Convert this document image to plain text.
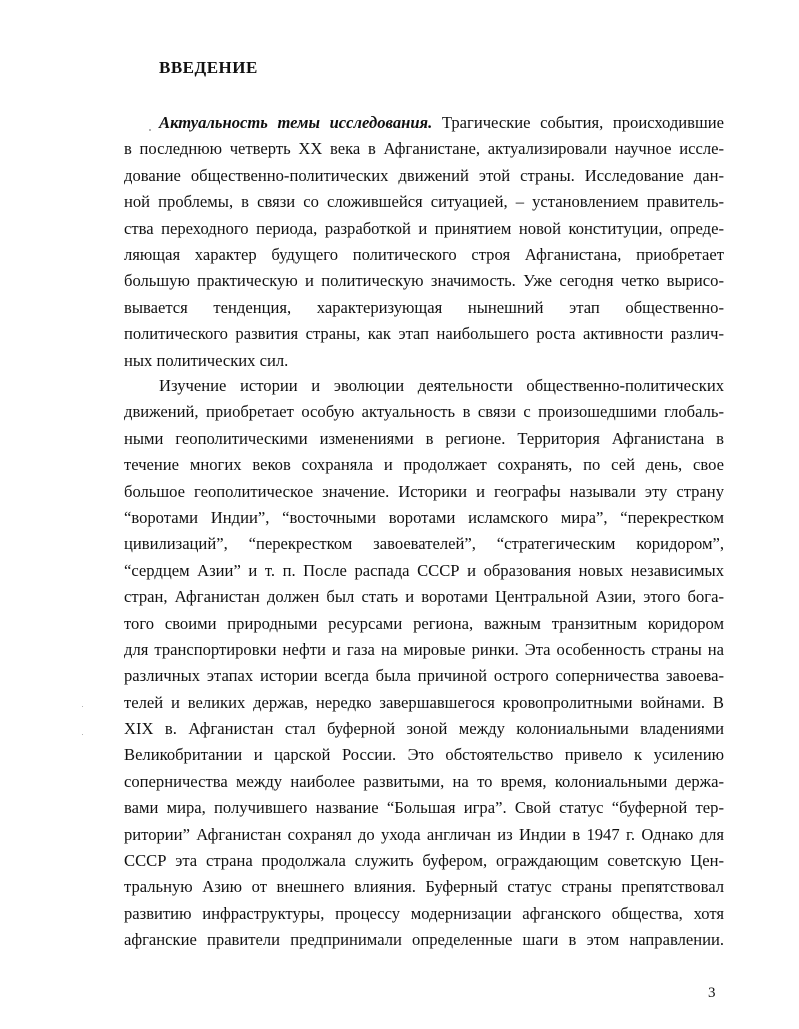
ВВЕДЕНИЕ
Актуальность темы исследования. Трагические события, происходившие
в последнюю четверть XX века в Афганистане, актуализировали научное иссле-
дование общественно-политических движений этой страны. Исследование дан-
ной проблемы, в связи со сложившейся ситуацией, – установлением правитель-
ства переходного периода, разработкой и принятием новой конституции, опреде-
ляющая характер будущего политического строя Афганистана, приобретает
большую практическую и политическую значимость. Уже сегодня четко вырисо-
вывается тенденция, характеризующая нынешний этап общественно-
политического развития страны, как этап наибольшего роста активности различ-
ных политических сил.
Изучение истории и эволюции деятельности общественно-политических
движений, приобретает особую актуальность в связи с произошедшими глобаль-
ными геополитическими изменениями в регионе. Территория Афганистана в
течение многих веков сохраняла и продолжает сохранять, по сей день, свое
большое геополитическое значение. Историки и географы называли эту страну
“воротами Индии”, “восточными воротами исламского мира”, “перекрестком
цивилизаций”, “перекрестком завоевателей”, “стратегическим коридором”,
“сердцем Азии” и т. п. После распада СССР и образования новых независимых
стран, Афганистан должен был стать и воротами Центральной Азии, этого бога-
того своими природными ресурсами региона, важным транзитным коридором
для транспортировки нефти и газа на мировые ринки. Эта особенность страны на
различных этапах истории всегда была причиной острого соперничества завоева-
телей и великих держав, нередко завершавшегося кровопролитными войнами. В
XIX в. Афганистан стал буферной зоной между колониальными владениями
Великобритании и царской России. Это обстоятельство привело к усилению
соперничества между наиболее развитыми, на то время, колониальными держа-
вами мира, получившего название “Большая игра”. Свой статус “буферной тер-
ритории” Афганистан сохранял до ухода англичан из Индии в 1947 г. Однако для
СССР эта страна продолжала служить буфером, ограждающим советскую Цен-
тральную Азию от внешнего влияния. Буферный статус страны препятствовал
развитию инфраструктуры, процессу модернизации афганского общества, хотя
афганские правители предпринимали определенные шаги в этом направлении.
3
